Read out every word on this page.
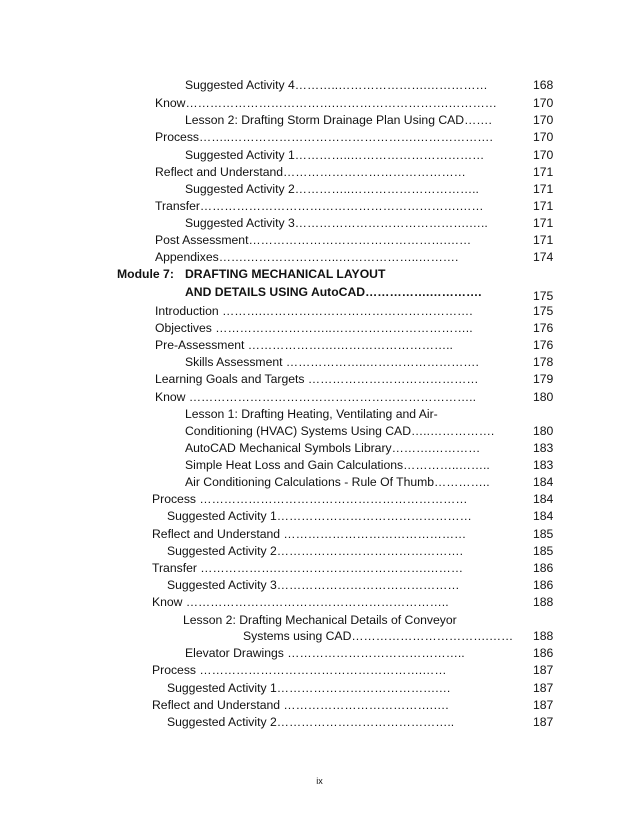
Suggested Activity 4………..………………….……………	168
Know……………………………….……………………….…………	170
Lesson 2: Drafting Storm Drainage Plan Using CAD…….	170
Process……..……………………………………….……………….	170
Suggested Activity 1…………..……………………………	170
Reflect and Understand………………………………………	171
Suggested Activity 2…………..…………………………..	171
Transfer……………………………………………………….……	171
Suggested Activity 3…………………………………….…..	171
Post Assessment………………………………………….……	171
Appendixes…….…………………..………………..……….	174
Module 7: DRAFTING MECHANICAL LAYOUT
AND DETAILS USING AutoCAD…………….………….	175
Introduction ……….…………………………………………….	175
Objectives ………………………..……………………………..	176
Pre-Assessment ………………….………………………..	176
Skills Assessment ………………..……………………….	178
Learning Goals and Targets ……………………………………	179
Know ……………………………………………………………..	180
Lesson 1: Drafting Heating, Ventilating and Air-
Conditioning (HVAC) Systems Using CAD…..…………….	180
AutoCAD Mechanical Symbols Library……….…………	183
Simple Heat Loss and Gain Calculations…………..……..	183
Air Conditioning Calculations - Rule Of Thumb…………..	184
Process …………………………………………………………	184
Suggested Activity 1…………………………………………	184
Reflect and Understand ………………………………………	185
Suggested Activity 2……………………………………….	185
Transfer ……………….……………………………….………	186
Suggested Activity 3………………………………………	186
Know ………………………………………………………..	188
Lesson 2: Drafting Mechanical Details of Conveyor
Systems using CAD…………………………….……	188
Elevator Drawings ……………………………………..	186
Process ……………………………………………….……	187
Suggested Activity 1………………………………….…	187
Reflect and Understand ……………………………….….	187
Suggested Activity 2……………………………………..	187
ix
